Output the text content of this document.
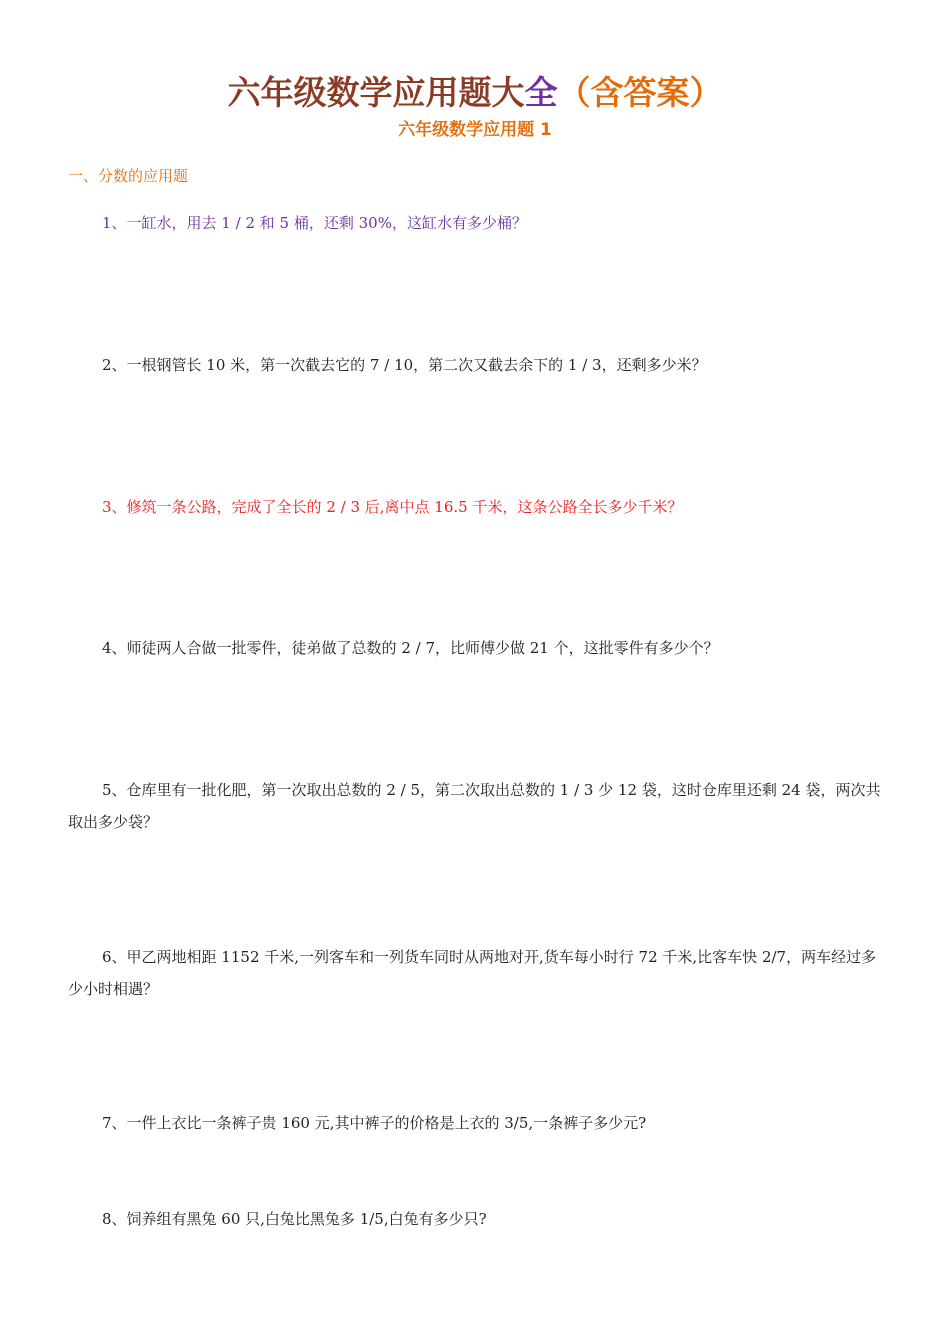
六年级数学应用题大全（含答案）
六年级数学应用题 1
一、分数的应用题

1、一缸水，用去 1 / 2 和 5 桶，还剩 30%，这缸水有多少桶？

2、一根钢管长 10 米，第一次截去它的 7 / 10，第二次又截去余下的 1 / 3，还剩多少米？

3、修筑一条公路，完成了全长的 2 / 3 后,离中点 16.5 千米，这条公路全长多少千米？

4、师徒两人合做一批零件，徒弟做了总数的 2 / 7，比师傅少做 21 个，这批零件有多少个？

5、仓库里有一批化肥，第一次取出总数的 2 / 5，第二次取出总数的 1 / 3 少 12 袋，这时仓库里还剩 24 袋，两次共取出多少袋？

6、甲乙两地相距 1152 千米,一列客车和一列货车同时从两地对开,货车每小时行 72 千米,比客车快 2/7，两车经过多少小时相遇？

7、一件上衣比一条裤子贵 160 元,其中裤子的价格是上衣的 3/5,一条裤子多少元?

8、饲养组有黑兔 60 只,白兔比黑兔多 1/5,白兔有多少只?
